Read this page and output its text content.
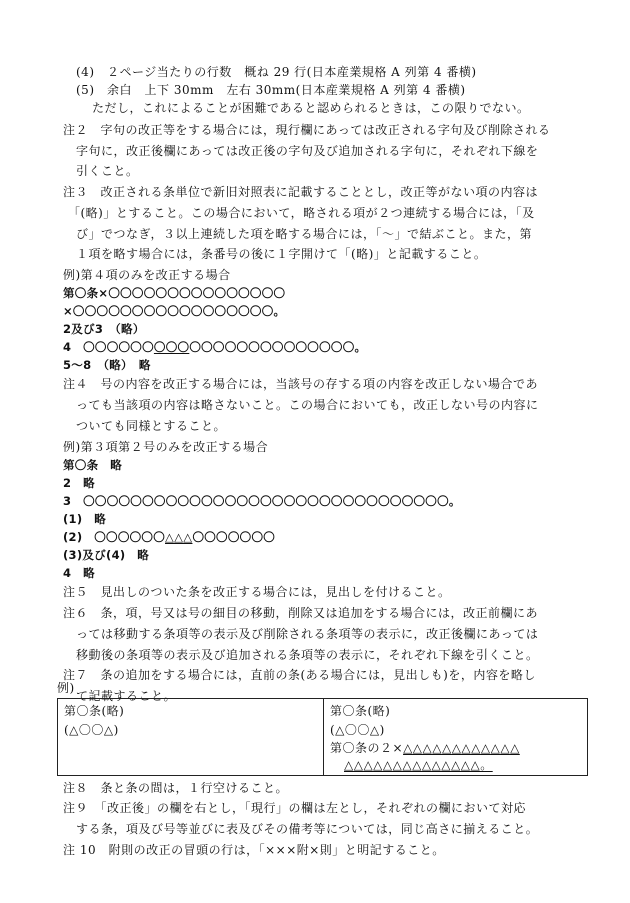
(4)　２ページ当たりの行数　概ね 29 行(日本産業規格 A 列第 4 番横)
(5)　余白　上下 30mm　左右 30mm(日本産業規格 A 列第 4 番横)
ただし，これによることが困難であると認められるときは，この限りでない。
注２　字句の改正等をする場合には，現行欄にあっては改正される字句及び削除される
字句に，改正後欄にあっては改正後の字句及び追加される字句に，それぞれ下線を
引くこと。
注３　改正される条単位で新旧対照表に記載することとし，改正等がない項の内容は
「(略)」とすること。この場合において，略される項が２つ連続する場合には，「及
び」でつなぎ，３以上連続した項を略する場合には，「～」で結ぶこと。また，第
１項を略す場合には，条番号の後に１字開けて「(略)」と記載すること。
例)第４項のみを改正する場合
第〇条×〇〇〇〇〇〇〇〇〇〇〇〇〇〇〇
×〇〇〇〇〇〇〇〇〇〇〇〇〇〇〇〇〇。
2及び3　（略）
4　〇〇〇〇〇〇〇〇〇〇〇〇〇〇〇〇〇〇〇〇〇〇〇。
5～8　（略）　略
注４　号の内容を改正する場合には，当該号の存する項の内容を改正しない場合であ
っても当該項の内容は略さないこと。この場合においても，改正しない号の内容に
ついても同様とすること。
例)第３項第２号のみを改正する場合
第〇条　略
2　略
3　〇〇〇〇〇〇〇〇〇〇〇〇〇〇〇〇〇〇〇〇〇〇〇〇〇〇〇〇〇〇〇。
(1)　略
(2)　〇〇〇〇〇〇△△△〇〇〇〇〇〇〇
(3)及び(4)　略
4　略
注５　見出しのついた条を改正する場合には，見出しを付けること。
注６　条，項，号又は号の細目の移動，削除又は追加をする場合には，改正前欄にあ
っては移動する条項等の表示及び削除される条項等の表示に，改正後欄にあっては
移動後の条項等の表示及び追加される条項等の表示に，それぞれ下線を引くこと。
注７　条の追加をする場合には，直前の条(ある場合には，見出しも)を，内容を略し
て記載すること。
例)
第〇条(略)
(△〇〇△)
第〇条(略)
(△〇〇△)
第〇条の２×△△△△△△△△△△△△
△△△△△△△△△△△△△△。
注８　条と条の間は，１行空けること。
注９　「改正後」の欄を右とし，「現行」の欄は左とし，それぞれの欄において対応
する条，項及び号等並びに表及びその備考等については，同じ高さに揃えること。
注 10　附則の改正の冒頭の行は，「×××附×則」と明記すること。
